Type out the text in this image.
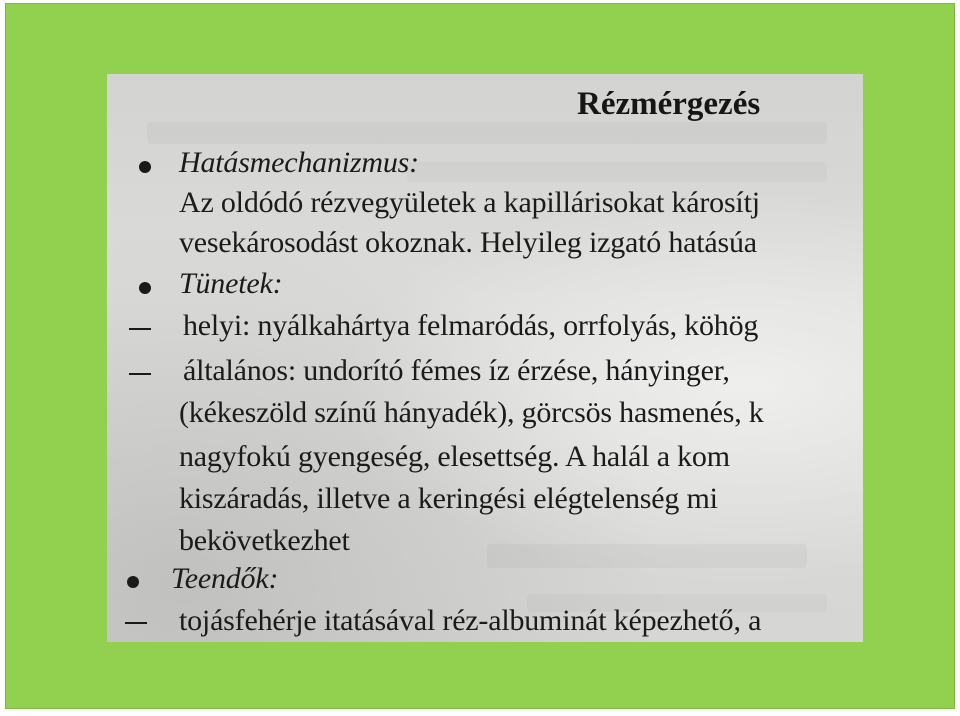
Rézmérgezés
Hatásmechanizmus:
Az oldódó rézvegyületek a kapillárisokat károsítj
vesekárosodást okoznak. Helyileg izgató hatásúa
Tünetek:
helyi: nyálkahártya felmaródás, orrfolyás, köhög
általános: undorító fémes íz érzése, hányinger,
(kékeszöld színű hányadék), görcsös hasmenés, k
nagyfokú gyengeség, elesettség. A halál a kom
kiszáradás, illetve a keringési elégtelenség mi
bekövetkezhet
Teendők:
tojásfehérje itatásával réz-albuminát képezhető, a
